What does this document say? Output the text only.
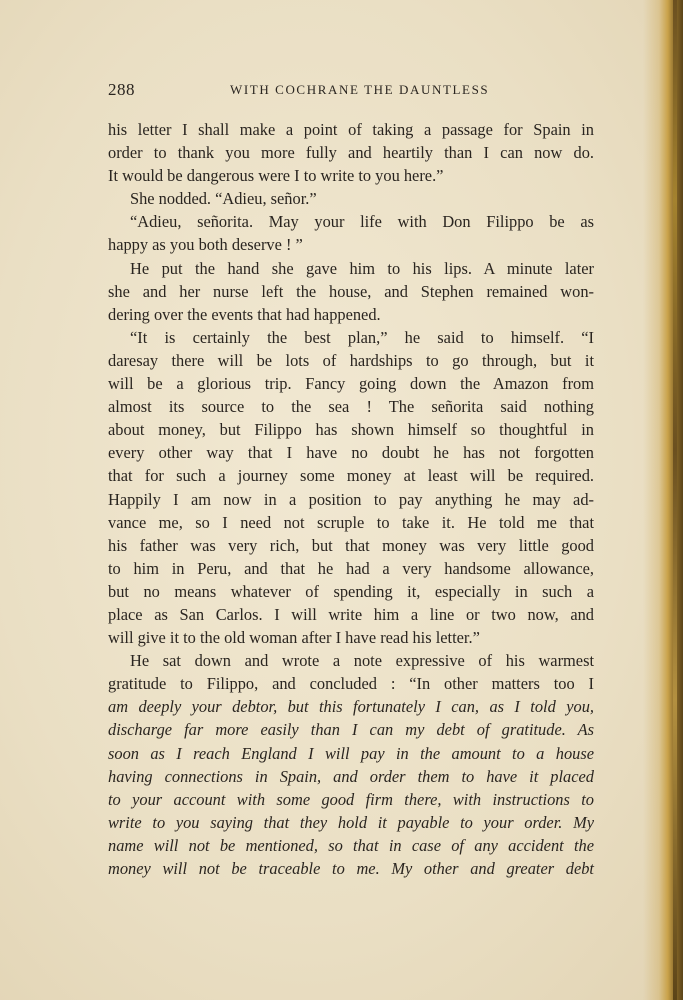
288	WITH COCHRANE THE DAUNTLESS
his letter I shall make a point of taking a passage for Spain in
order to thank you more fully and heartily than I can now do.
It would be dangerous were I to write to you here.”
She nodded. “Adieu, señor.”
“Adieu, señorita. May your life with Don Filippo be as
happy as you both deserve ! ”
He put the hand she gave him to his lips. A minute later
she and her nurse left the house, and Stephen remained won-
dering over the events that had happened.
“It is certainly the best plan,” he said to himself. “I
daresay there will be lots of hardships to go through, but it
will be a glorious trip. Fancy going down the Amazon from
almost its source to the sea ! The señorita said nothing
about money, but Filippo has shown himself so thoughtful in
every other way that I have no doubt he has not forgotten
that for such a journey some money at least will be required.
Happily I am now in a position to pay anything he may ad-
vance me, so I need not scruple to take it. He told me that
his father was very rich, but that money was very little good
to him in Peru, and that he had a very handsome allowance,
but no means whatever of spending it, especially in such a
place as San Carlos. I will write him a line or two now, and
will give it to the old woman after I have read his letter.”
He sat down and wrote a note expressive of his warmest
gratitude to Filippo, and concluded : “In other matters too I
am deeply your debtor, but this fortunately I can, as I told you,
discharge far more easily than I can my debt of gratitude. As
soon as I reach England I will pay in the amount to a house
having connections in Spain, and order them to have it placed
to your account with some good firm there, with instructions to
write to you saying that they hold it payable to your order. My
name will not be mentioned, so that in case of any accident the
money will not be traceable to me. My other and greater debt
